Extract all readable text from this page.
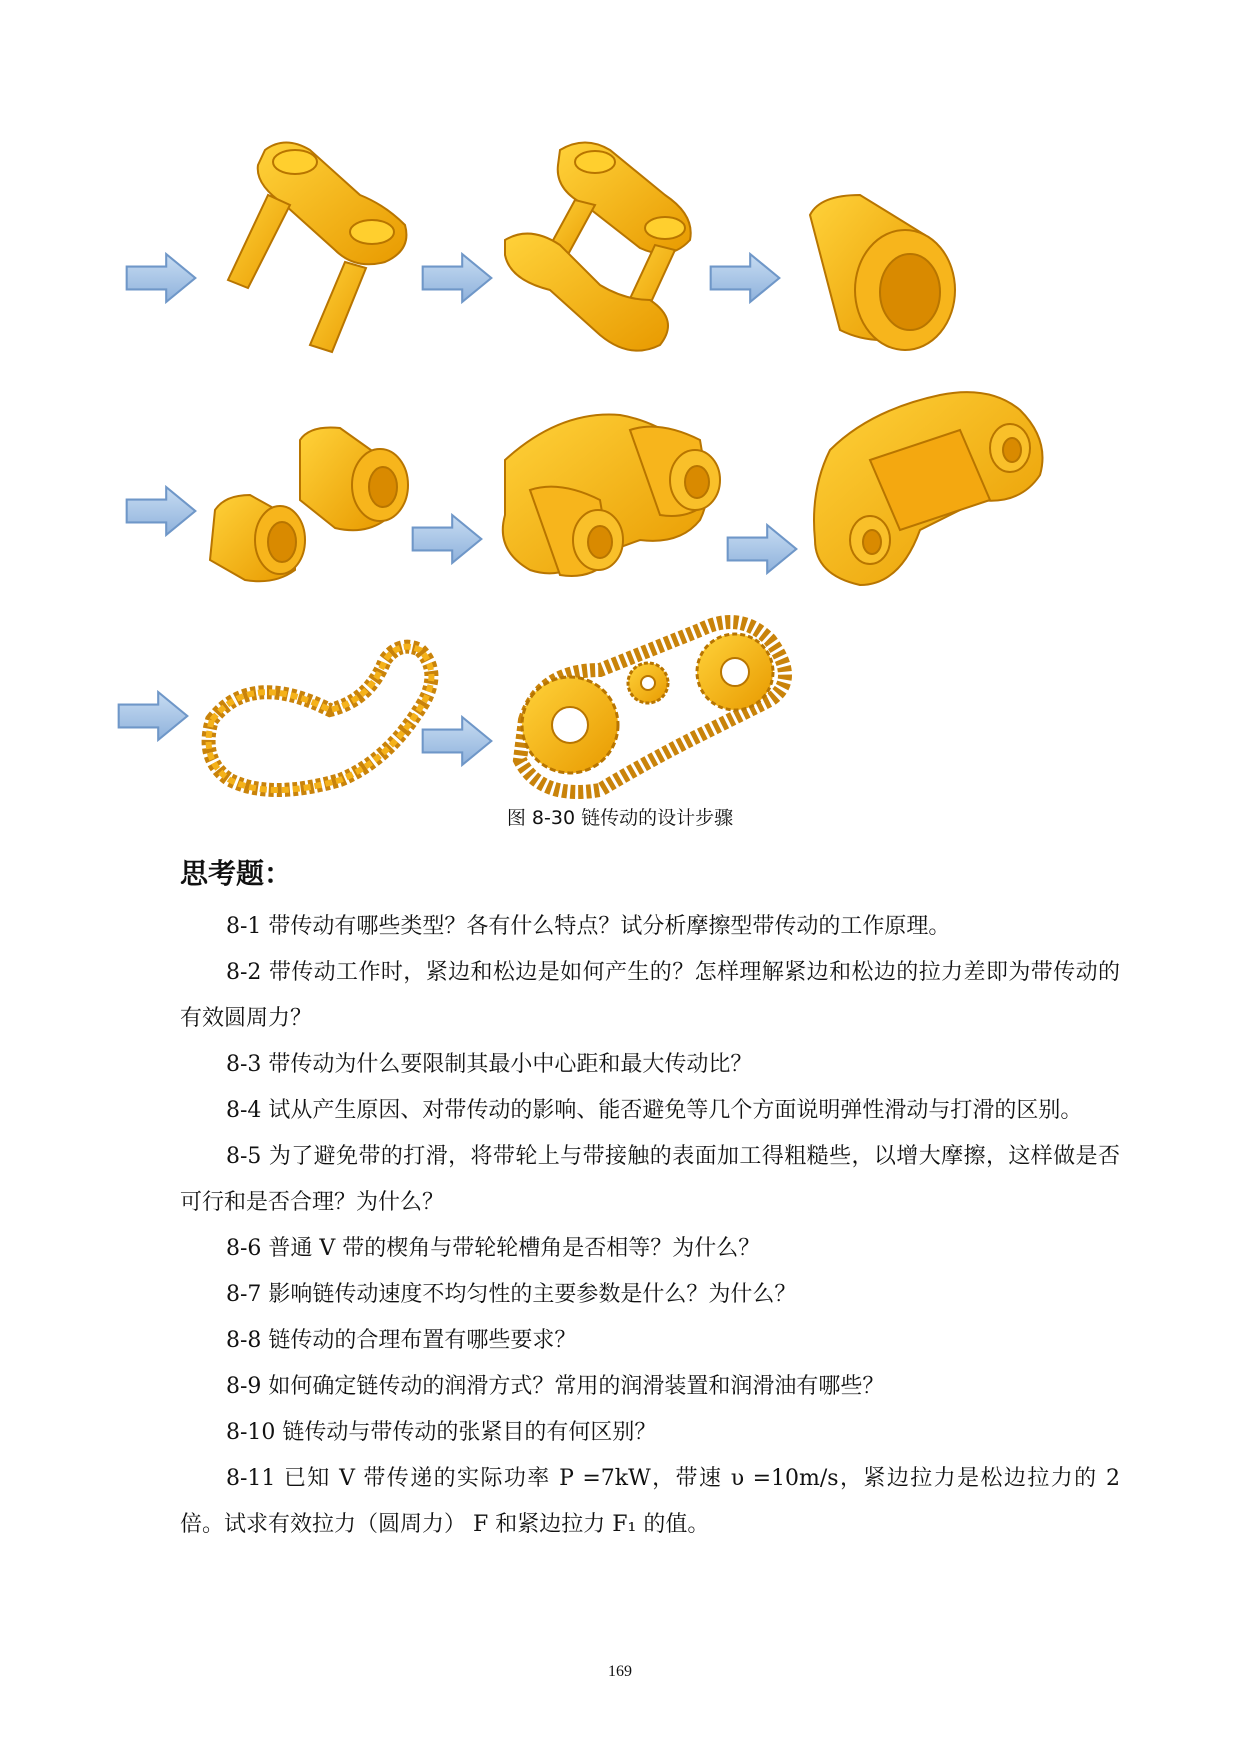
图 8-30 链传动的设计步骤
思考题：

8-1 带传动有哪些类型？各有什么特点？试分析摩擦型带传动的工作原理。

8-2 带传动工作时，紧边和松边是如何产生的？怎样理解紧边和松边的拉力差即为带传动的有效圆周力？

8-3 带传动为什么要限制其最小中心距和最大传动比？

8-4 试从产生原因、对带传动的影响、能否避免等几个方面说明弹性滑动与打滑的区别。

8-5 为了避免带的打滑，将带轮上与带接触的表面加工得粗糙些，以增大摩擦，这样做是否可行和是否合理？为什么？

8-6 普通 V 带的楔角与带轮轮槽角是否相等？为什么？

8-7 影响链传动速度不均匀性的主要参数是什么？为什么？

8-8 链传动的合理布置有哪些要求？

8-9 如何确定链传动的润滑方式？常用的润滑装置和润滑油有哪些？

8-10 链传动与带传动的张紧目的有何区别？

8-11 已知 V 带传递的实际功率 P =7kW，带速 υ =10m/s，紧边拉力是松边拉力的 2 倍。试求有效拉力（圆周力） F 和紧边拉力 F₁ 的值。

169
